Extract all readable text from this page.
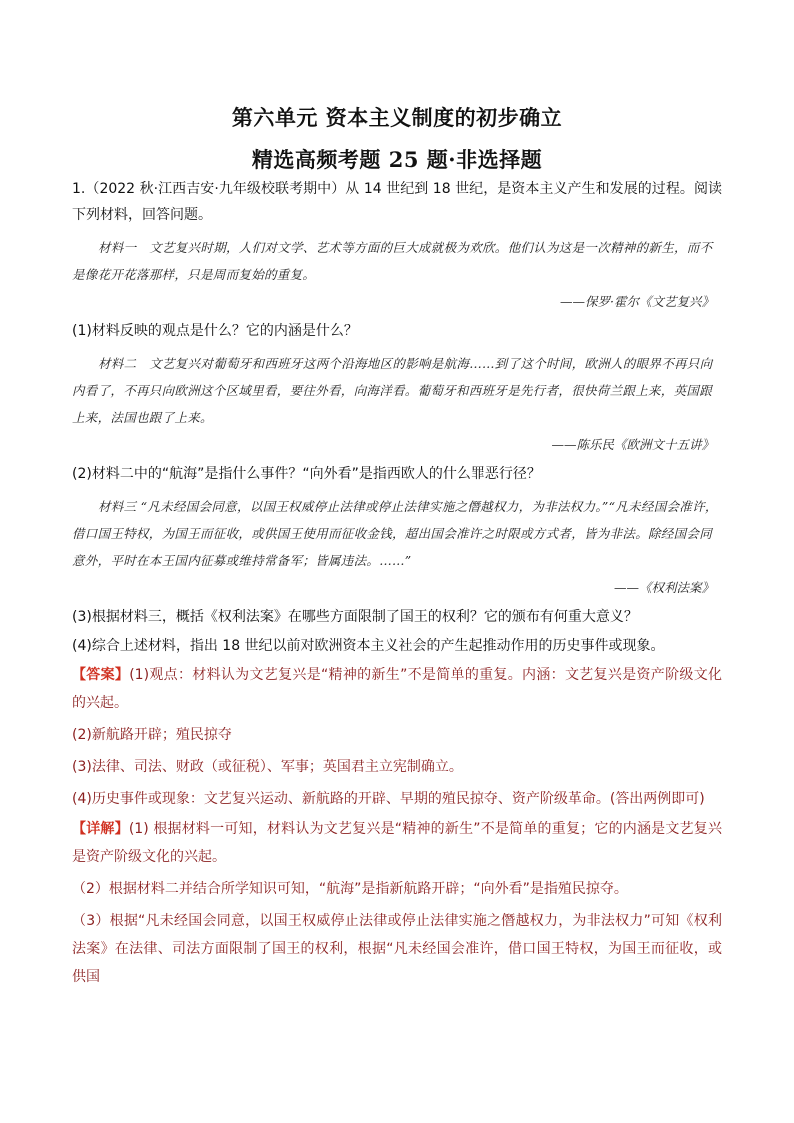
第六单元 资本主义制度的初步确立
精选高频考题 25 题·非选择题

1.（2022 秋·江西吉安·九年级校联考期中）从 14 世纪到 18 世纪，是资本主义产生和发展的过程。阅读下列材料，回答问题。

材料一　文艺复兴时期，人们对文学、艺术等方面的巨大成就极为欢欣。他们认为这是一次精神的新生，而不是像花开花落那样，只是周而复始的重复。

——保罗·霍尔《文艺复兴》

(1)材料反映的观点是什么？它的内涵是什么？

材料二　文艺复兴对葡萄牙和西班牙这两个沿海地区的影响是航海……到了这个时间，欧洲人的眼界不再只向内看了，不再只向欧洲这个区域里看，要往外看，向海洋看。葡萄牙和西班牙是先行者，很快荷兰跟上来，英国跟上来，法国也跟了上来。

——陈乐民《欧洲文十五讲》

(2)材料二中的“航海”是指什么事件？“向外看”是指西欧人的什么罪恶行径？

材料三 “凡未经国会同意，以国王权威停止法律或停止法律实施之僭越权力，为非法权力。”“凡未经国会准许，借口国王特权，为国王而征收，或供国王使用而征收金钱，超出国会准许之时限或方式者，皆为非法。除经国会同意外，平时在本王国内征募或维持常备军；皆属违法。……”

——《权利法案》

(3)根据材料三，概括《权利法案》在哪些方面限制了国王的权利？它的颁布有何重大意义？

(4)综合上述材料，指出 18 世纪以前对欧洲资本主义社会的产生起推动作用的历史事件或现象。

【答案】(1)观点：材料认为文艺复兴是“精神的新生”不是简单的重复。内涵：文艺复兴是资产阶级文化的兴起。

(2)新航路开辟；殖民掠夺

(3)法律、司法、财政（或征税）、军事；英国君主立宪制确立。

(4)历史事件或现象：文艺复兴运动、新航路的开辟、早期的殖民掠夺、资产阶级革命。(答出两例即可)

【详解】(1) 根据材料一可知，材料认为文艺复兴是“精神的新生”不是简单的重复；它的内涵是文艺复兴是资产阶级文化的兴起。

（2）根据材料二并结合所学知识可知，“航海”是指新航路开辟；“向外看”是指殖民掠夺。

（3）根据“凡未经国会同意，以国王权威停止法律或停止法律实施之僭越权力，为非法权力”可知《权利法案》在法律、司法方面限制了国王的权利，根据“凡未经国会准许，借口国王特权，为国王而征收，或供国
